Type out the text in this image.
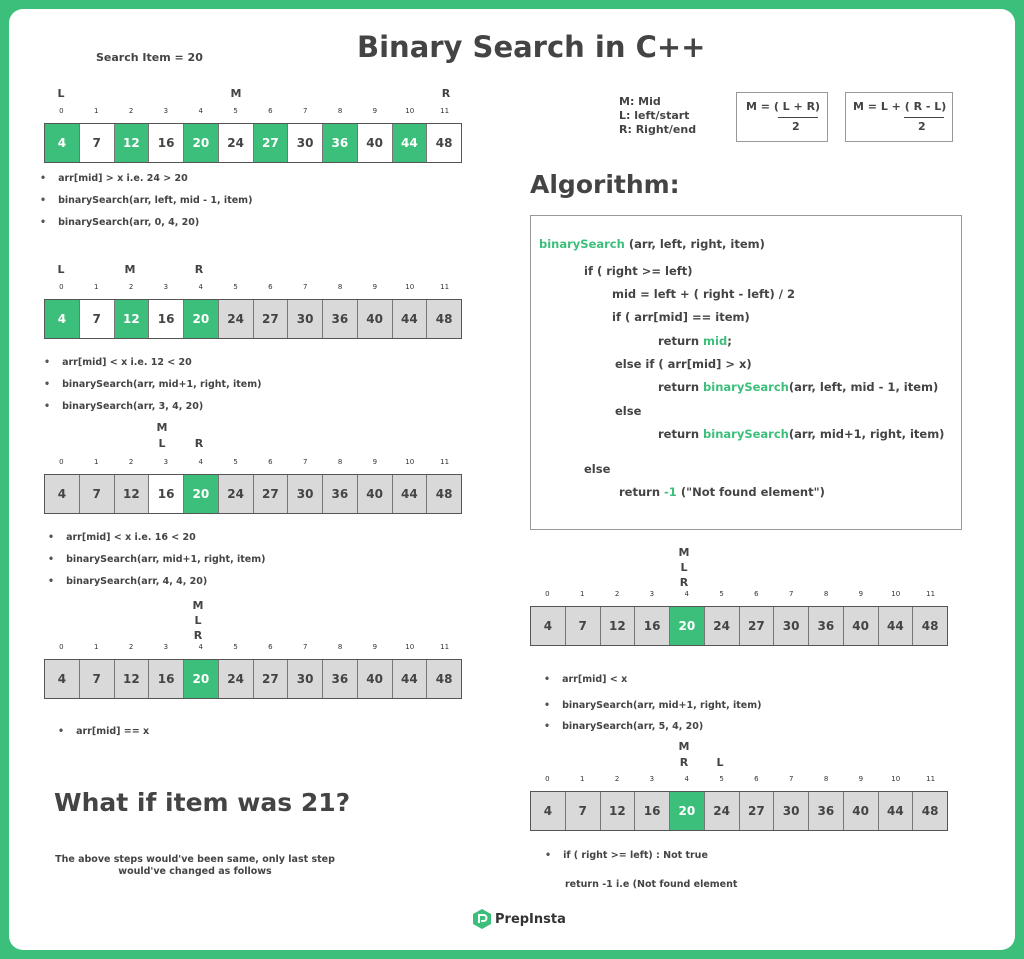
Binary Search in C++
Search Item = 20
L	M	R
0	1	2	3	4	5	6	7	8	9	10	11
4	7	12	16	20	24	27	30	36	40	44	48
• arr[mid] > x i.e. 24 > 20
• binarySearch(arr, left, mid - 1, item)
• binarySearch(arr, 0, 4, 20)
L	M	R
0	1	2	3	4	5	6	7	8	9	10	11
4	7	12	16	20	24	27	30	36	40	44	48
• arr[mid] < x i.e. 12 < 20
• binarySearch(arr, mid+1, right, item)
• binarySearch(arr, 3, 4, 20)
M
L	R
0	1	2	3	4	5	6	7	8	9	10	11
4	7	12	16	20	24	27	30	36	40	44	48
• arr[mid] < x i.e. 16 < 20
• binarySearch(arr, mid+1, right, item)
• binarySearch(arr, 4, 4, 20)
M
L
R
0	1	2	3	4	5	6	7	8	9	10	11
4	7	12	16	20	24	27	30	36	40	44	48
• arr[mid] == x
What if item was 21?
The above steps would've been same, only last step
would've changed as follows
M: Mid
L: left/start
R: Right/end
M = ( L + R)
2
M = L + ( R - L)
2
Algorithm:
binarySearch (arr, left, right, item)
if ( right >= left)
mid = left + ( right - left) / 2
if ( arr[mid] == item)
return mid;
else if ( arr[mid] > x)
return binarySearch(arr, left, mid - 1, item)
else
return binarySearch(arr, mid+1, right, item)
else
return -1 ("Not found element")
M
L
R
0	1	2	3	4	5	6	7	8	9	10	11
4	7	12	16	20	24	27	30	36	40	44	48
• arr[mid] < x
• binarySearch(arr, mid+1, right, item)
• binarySearch(arr, 5, 4, 20)
M
R	L
0	1	2	3	4	5	6	7	8	9	10	11
4	7	12	16	20	24	27	30	36	40	44	48
• if ( right >= left) : Not true
return -1 i.e (Not found element
PrepInsta
